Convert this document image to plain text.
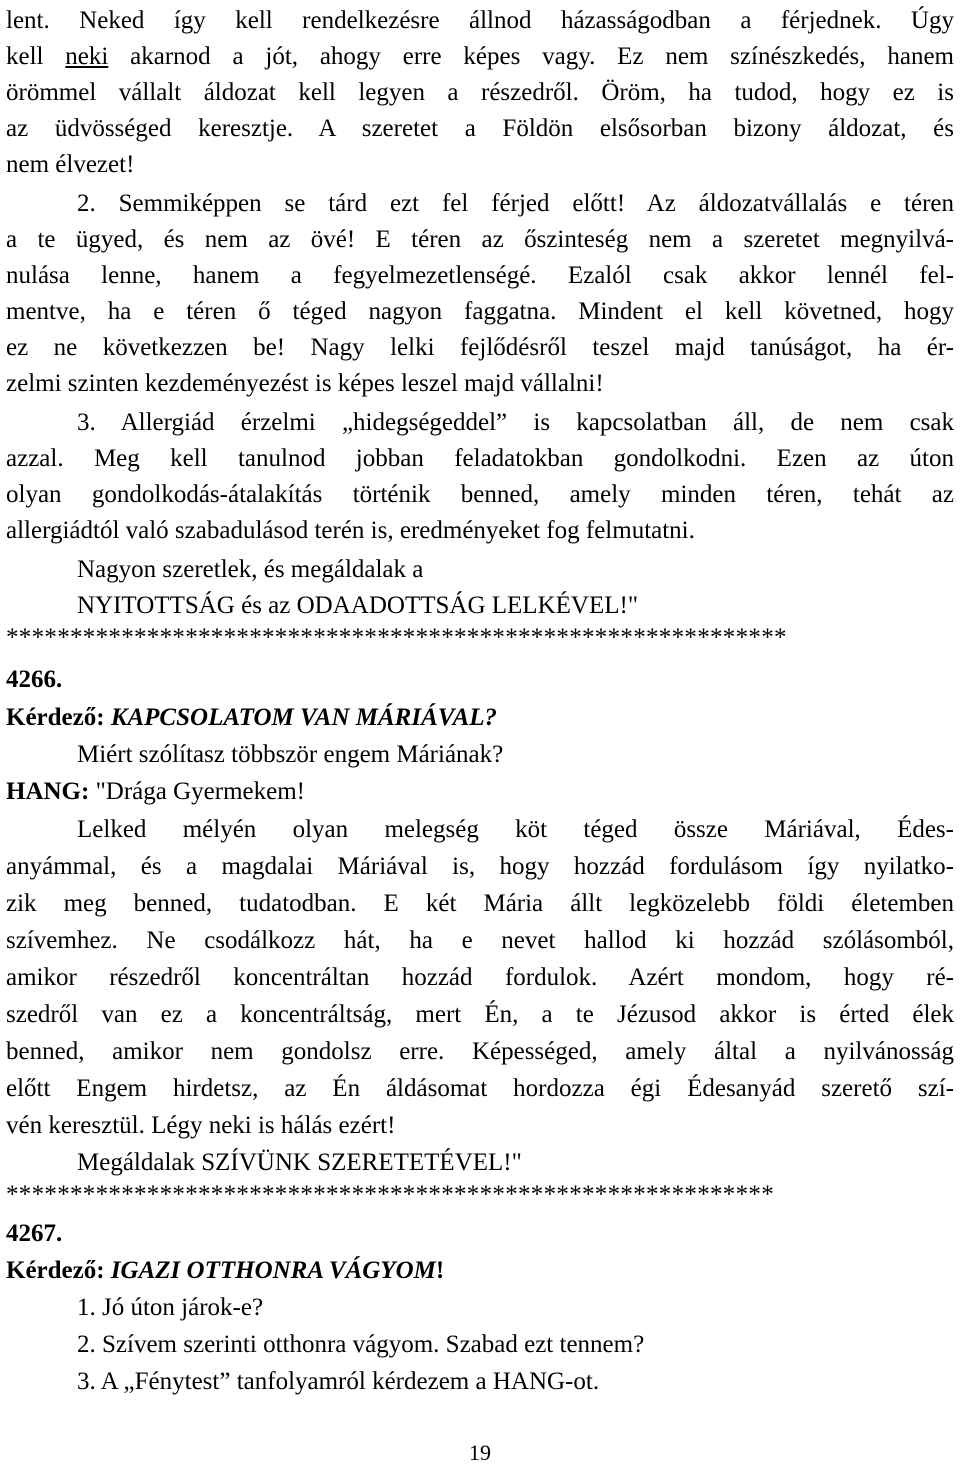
lent. Neked így kell rendelkezésre állnod házasságodban a férjednek. Úgy
kell neki akarnod a jót, ahogy erre képes vagy. Ez nem színészkedés, hanem
örömmel vállalt áldozat kell legyen a részedről. Öröm, ha tudod, hogy ez is
az üdvösséged keresztje. A szeretet a Földön elsősorban bizony áldozat, és
nem élvezet!
2. Semmiképpen se tárd ezt fel férjed előtt! Az áldozatvállalás e téren
a te ügyed, és nem az övé! E téren az őszinteség nem a szeretet megnyilvá-
nulása lenne, hanem a fegyelmezetlenségé. Ezalól csak akkor lennél fel-
mentve, ha e téren ő téged nagyon faggatna. Mindent el kell követned, hogy
ez ne következzen be! Nagy lelki fejlődésről teszel majd tanúságot, ha ér-
zelmi szinten kezdeményezést is képes leszel majd vállalni!
3. Allergiád érzelmi „hidegségeddel” is kapcsolatban áll, de nem csak
azzal. Meg kell tanulnod jobban feladatokban gondolkodni. Ezen az úton
olyan gondolkodás-átalakítás történik benned, amely minden téren, tehát az
allergiádtól való szabadulásod terén is, eredményeket fog felmutatni.
Nagyon szeretlek, és megáldalak a
NYITOTTSÁG és az ODAADOTTSÁG LELKÉVEL!"
*************************************************************
4266.
Kérdező: KAPCSOLATOM VAN MÁRIÁVAL?
Miért szólítasz többször engem Máriának?
HANG: "Drága Gyermekem!
Lelked mélyén olyan melegség köt téged össze Máriával, Édes-
anyámmal, és a magdalai Máriával is, hogy hozzád fordulásom így nyilatko-
zik meg benned, tudatodban. E két Mária állt legközelebb földi életemben
szívemhez. Ne csodálkozz hát, ha e nevet hallod ki hozzád szólásomból,
amikor részedről koncentráltan hozzád fordulok. Azért mondom, hogy ré-
szedről van ez a koncentráltság, mert Én, a te Jézusod akkor is érted élek
benned, amikor nem gondolsz erre. Képességed, amely által a nyilvánosság
előtt Engem hirdetsz, az Én áldásomat hordozza égi Édesanyád szerető szí-
vén keresztül. Légy neki is hálás ezért!
Megáldalak SZÍVÜNK SZERETETÉVEL!"
************************************************************
4267.
Kérdező: IGAZI OTTHONRA VÁGYOM!
1. Jó úton járok-e?
2. Szívem szerinti otthonra vágyom. Szabad ezt tennem?
3. A „Fénytest” tanfolyamról kérdezem a HANG-ot.
19
